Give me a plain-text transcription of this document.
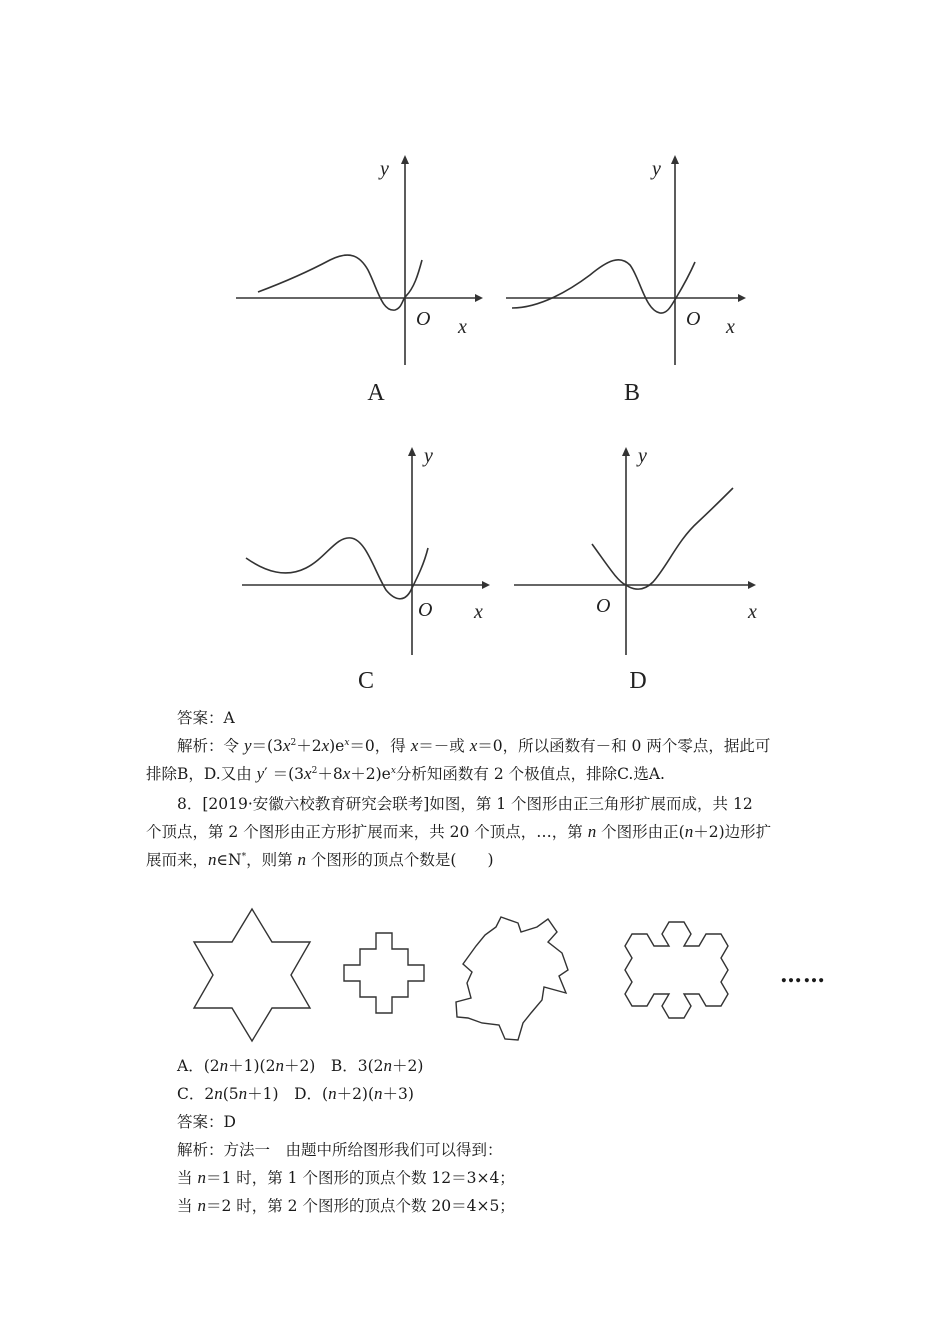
y
O x
A
y
O x
B
y
O x
C
y
O	x
D
答案：A
解析：令 $y=(3x^2+2x)e^x=0$，得 x＝－或 x＝0，所以函数有－和 0 两个零点，据此可
排除B，D.又由 $y' =(3x^2+8x+2)e^x$分析知函数有 2 个极值点，排除C.选A.
8．[2019·安徽六校教育研究会联考]如图，第 1 个图形由正三角形扩展而成，共 12
个顶点，第 2 个图形由正方形扩展而来，共 20 个顶点，…，第 n 个图形由正(n＋2)边形扩
展而来，n∈N*，则第 n 个图形的顶点个数是(　　)
……
A．(2n＋1)(2n＋2)　B．3(2n＋2)
C．2n(5n＋1)　D．(n＋2)(n＋3)
答案：D
解析：方法一　由题中所给图形我们可以得到：
当 n＝1 时，第 1 个图形的顶点个数 12＝3×4；
当 n＝2 时，第 2 个图形的顶点个数 20＝4×5；
